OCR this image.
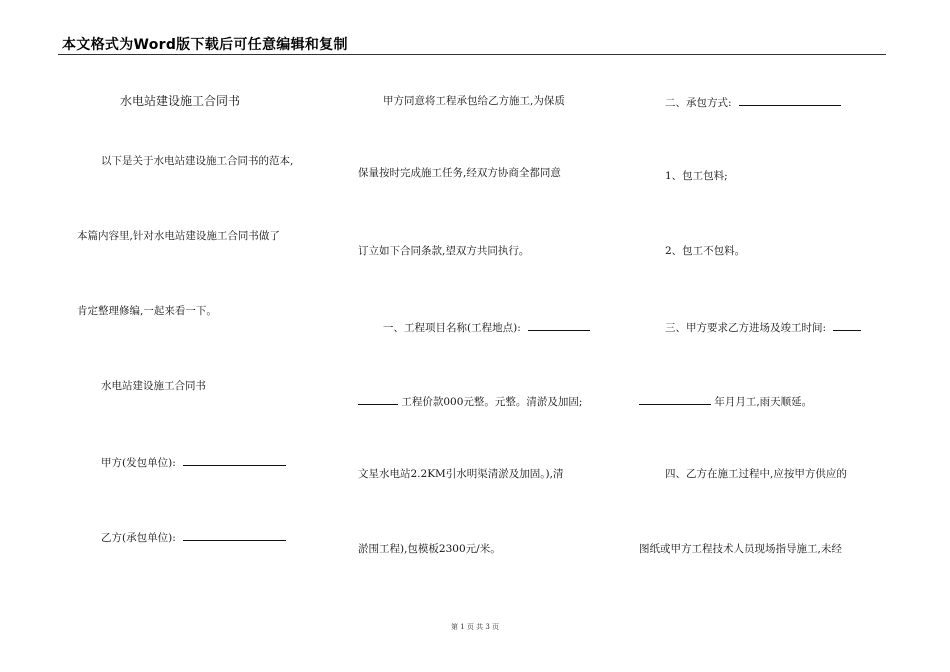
本文格式为Word版下载后可任意编辑和复制
水电站建设施工合同书
以下是关于水电站建设施工合同书的范本,
本篇内容里,针对水电站建设施工合同书做了
肯定整理修编,一起来看一下。
水电站建设施工合同书
甲方(发包单位):
乙方(承包单位):
甲方同意将工程承包给乙方施工,为保质
保量按时完成施工任务,经双方协商全都同意
订立如下合同条款,望双方共同执行。
一、工程项目名称(工程地点):
工程价款000元整。元整。清淤及加固;
文星水电站2.2KM引水明渠清淤及加固。),清
淤围工程),包模板2300元/米。
二、承包方式:
1、包工包料;
2、包工不包料。
三、甲方要求乙方进场及竣工时间:
年月月工,雨天顺延。
四、乙方在施工过程中,应按甲方供应的
图纸或甲方工程技术人员现场指导施工,未经
第 1 页 共 3 页
